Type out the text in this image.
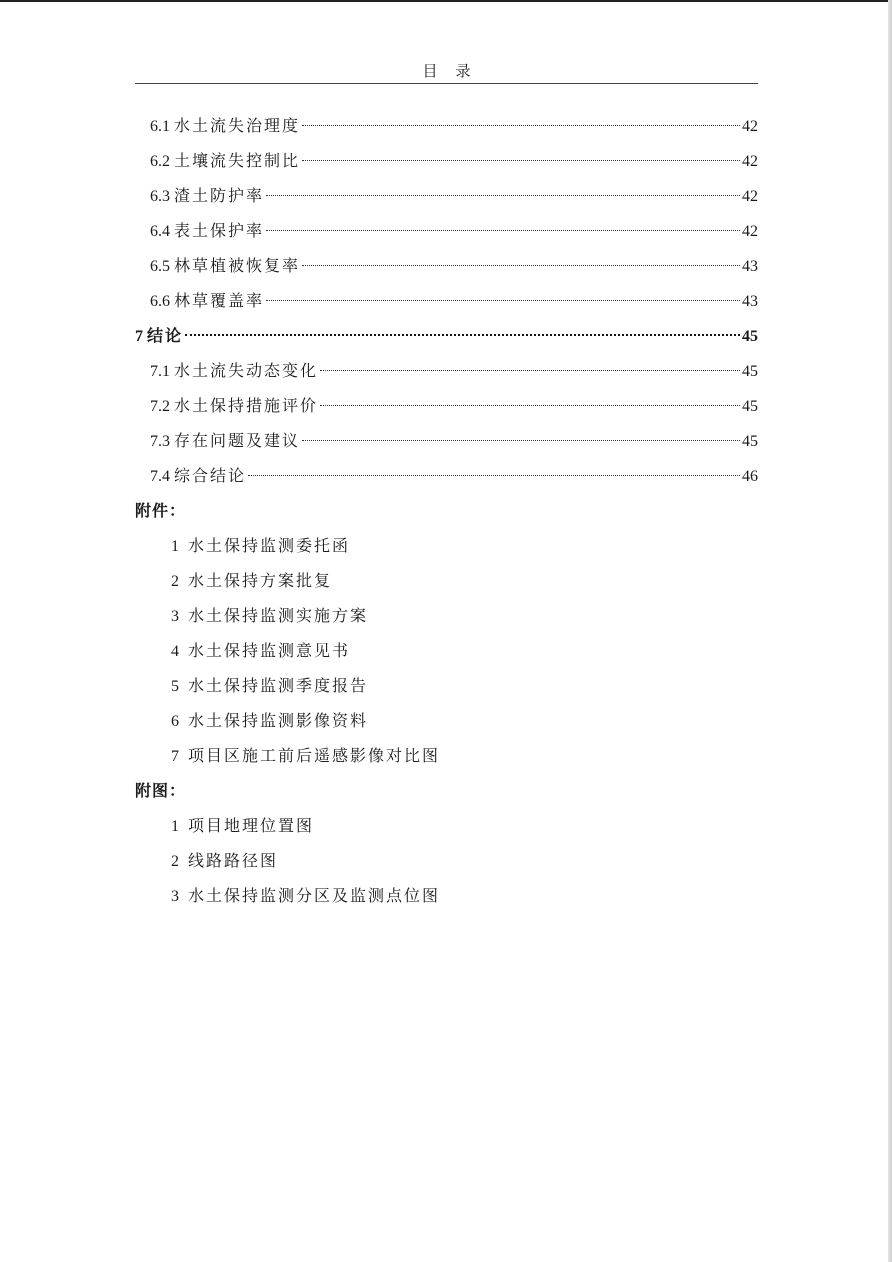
目录
6.1 水土流失治理度	42
6.2 土壤流失控制比	42
6.3 渣土防护率	42
6.4 表土保护率	42
6.5 林草植被恢复率	43
6.6 林草覆盖率	43
7 结论	45
7.1 水土流失动态变化	45
7.2 水土保持措施评价	45
7.3 存在问题及建议	45
7.4 综合结论	46
附件：
1 水土保持监测委托函
2 水土保持方案批复
3 水土保持监测实施方案
4 水土保持监测意见书
5 水土保持监测季度报告
6 水土保持监测影像资料
7 项目区施工前后遥感影像对比图
附图：
1 项目地理位置图
2 线路路径图
3 水土保持监测分区及监测点位图
